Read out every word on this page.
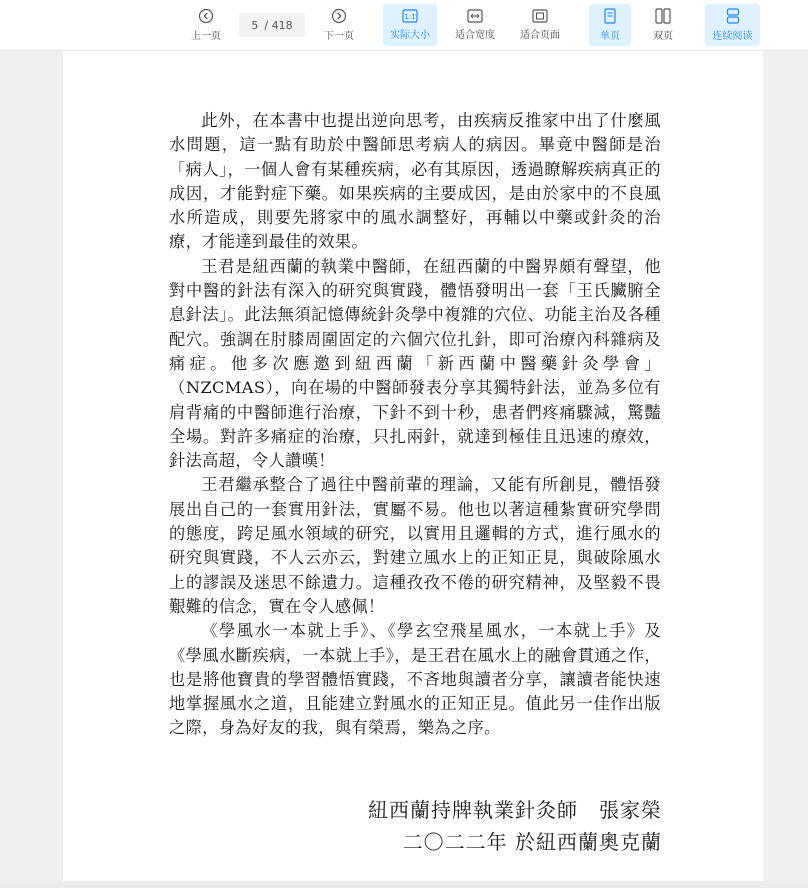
上一页
5 / 418
下一页
1:1
实际大小	适合宽度	适合页面	单页	双页	连续阅读

此外，在本書中也提出逆向思考，由疾病反推家中出了什麼風水問題，這一點有助於中醫師思考病人的病因。畢竟中醫師是治「病人」，一個人會有某種疾病，必有其原因，透過瞭解疾病真正的成因，才能對症下藥。如果疾病的主要成因，是由於家中的不良風水所造成，則要先將家中的風水調整好，再輔以中藥或針灸的治療，才能達到最佳的效果。

王君是紐西蘭的執業中醫師，在紐西蘭的中醫界頗有聲望，他對中醫的針法有深入的研究與實踐，體悟發明出一套「王氏臟腑全息針法」。此法無須記憶傳統針灸學中複雜的穴位、功能主治及各種配穴。強調在肘膝周圍固定的六個穴位扎針，即可治療內科雜病及痛症。他多次應邀到紐西蘭「新西蘭中醫藥針灸學會」（NZCMAS），向在場的中醫師發表分享其獨特針法，並為多位有肩背痛的中醫師進行治療，下針不到十秒，患者們疼痛驟減，驚豔全場。對許多痛症的治療，只扎兩針，就達到極佳且迅速的療效，針法高超，令人讚嘆！

王君繼承整合了過往中醫前輩的理論，又能有所創見，體悟發展出自己的一套實用針法，實屬不易。他也以著這種紮實研究學問的態度，跨足風水領域的研究，以實用且邏輯的方式，進行風水的研究與實踐，不人云亦云，對建立風水上的正知正見，與破除風水上的謬誤及迷思不餘遺力。這種孜孜不倦的研究精神，及堅毅不畏艱難的信念，實在令人感佩！

《學風水一本就上手》、《學玄空飛星風水，一本就上手》及《學風水斷疾病，一本就上手》，是王君在風水上的融會貫通之作，也是將他寶貴的學習體悟實踐，不吝地與讀者分享，讓讀者能快速地掌握風水之道，且能建立對風水的正知正見。值此另一佳作出版之際，身為好友的我，與有榮焉，樂為之序。

紐西蘭持牌執業針灸師　張家榮
二〇二二年 於紐西蘭奧克蘭
